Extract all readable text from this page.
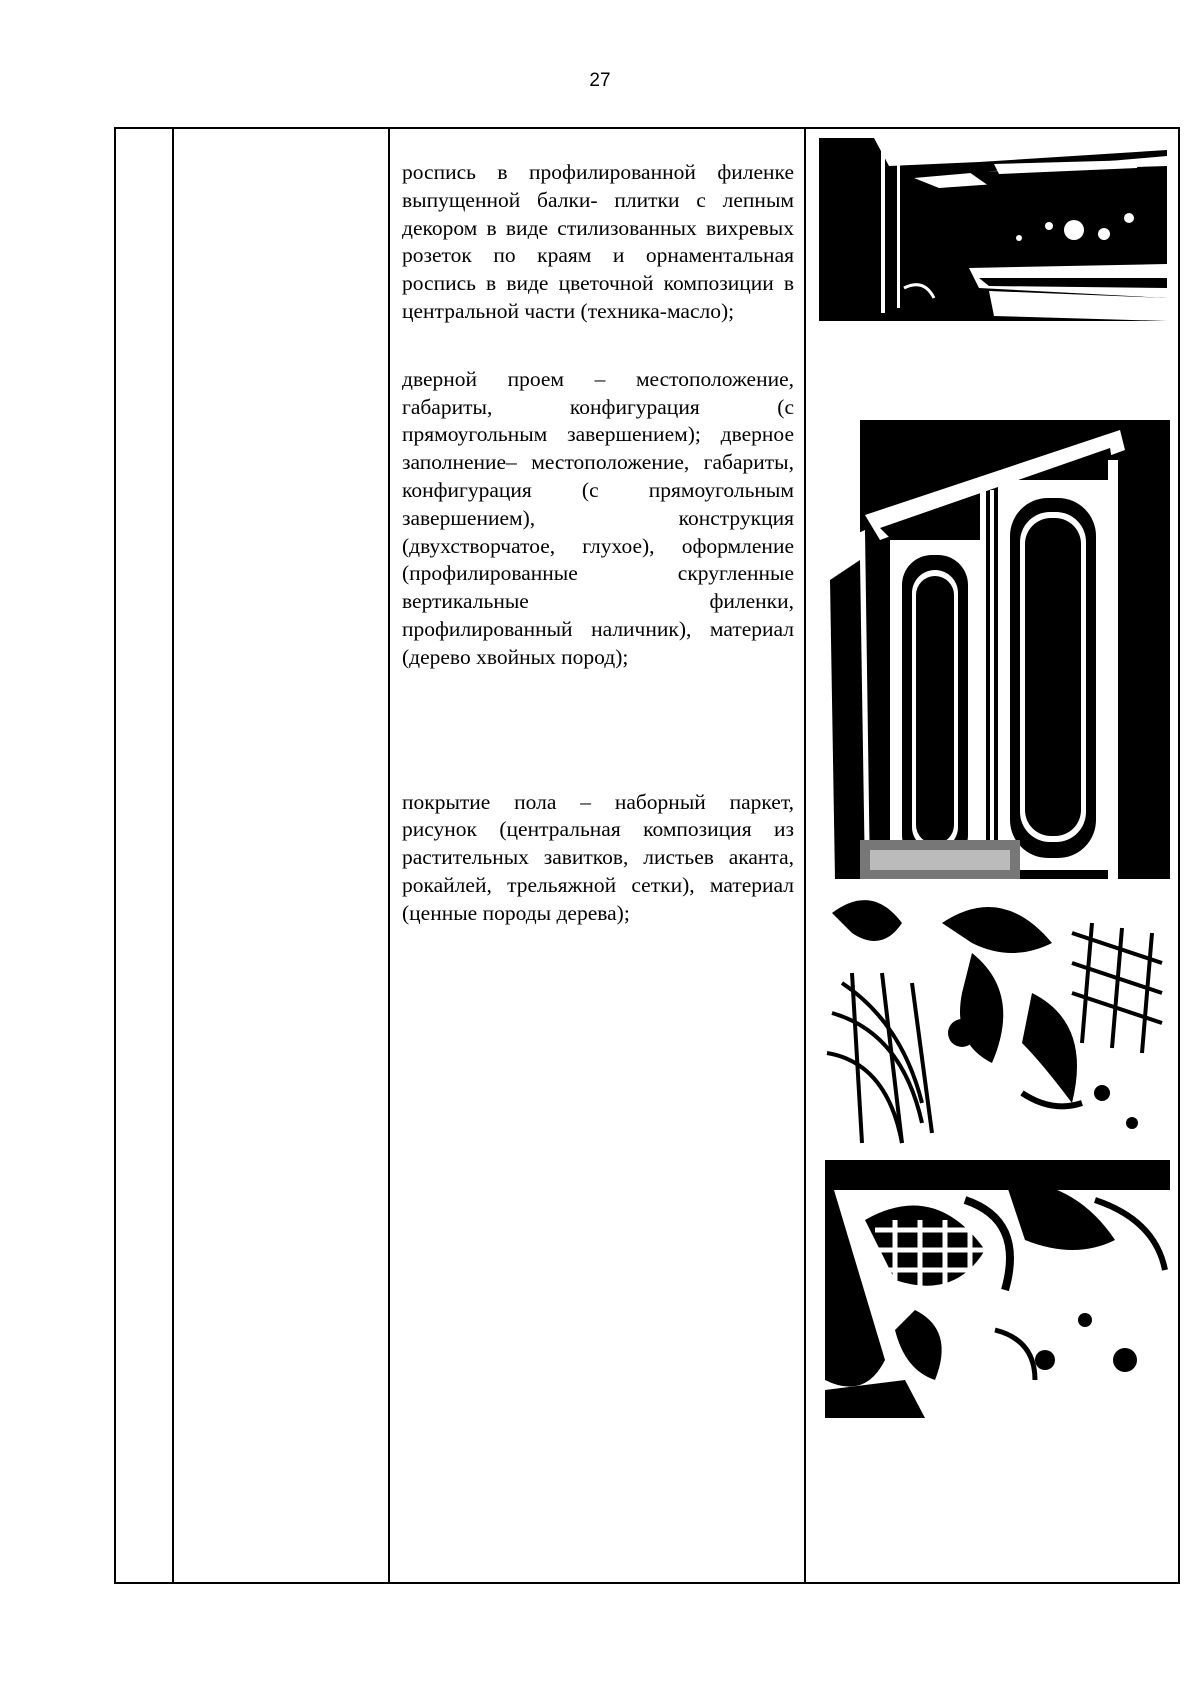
27

роспись в профилированной филенке выпущенной балки- плитки с лепным декором в виде стилизованных вихревых розеток по краям и орнаментальная роспись в виде цветочной композиции в центральной части (техника-масло);

дверной проем – местоположение, габариты, конфигурация (с прямоугольным завершением); дверное заполнение– местоположение, габариты, конфигурация (с прямоугольным завершением), конструкция (двухстворчатое, глухое), оформление (профилированные скругленные вертикальные филенки, профилированный наличник), материал (дерево хвойных пород);

покрытие пола – наборный паркет, рисунок (центральная композиция из растительных завитков, листьев аканта, рокайлей, трельяжной сетки), материал (ценные породы дерева);
